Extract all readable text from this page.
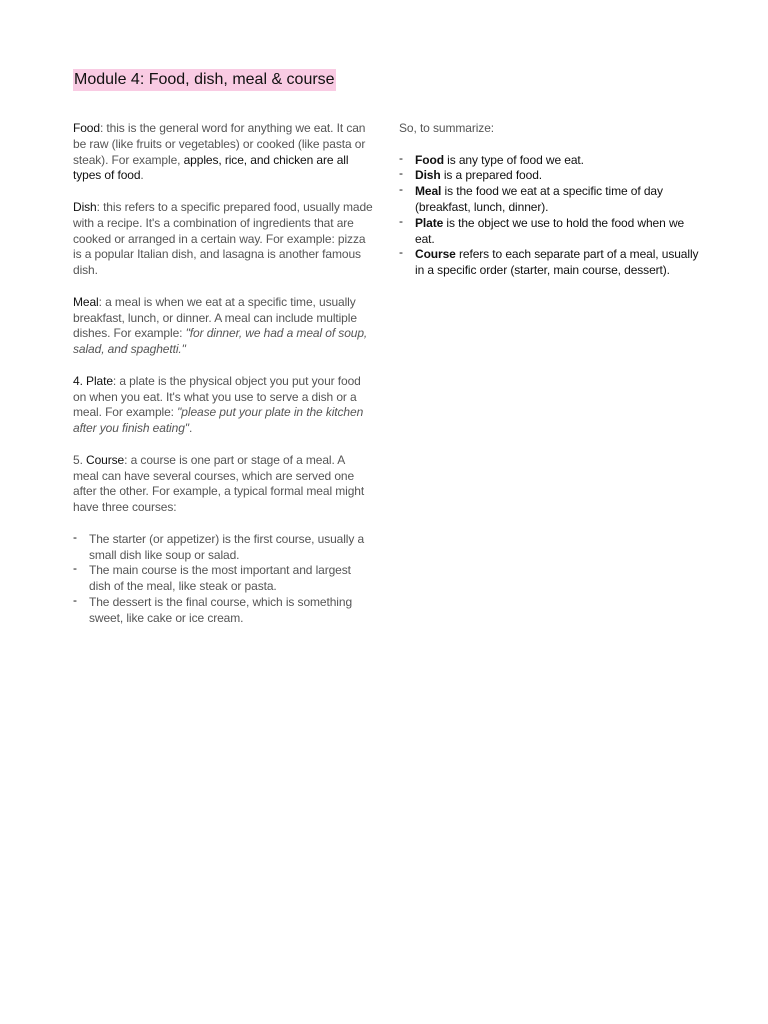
Module 4: Food, dish, meal & course

Food: this is the general word for anything we eat. It can be raw (like fruits or vegetables) or cooked (like pasta or steak). For example, apples, rice, and chicken are all types of food.

Dish: this refers to a specific prepared food, usually made with a recipe. It's a combination of ingredients that are cooked or arranged in a certain way. For example: pizza is a popular Italian dish, and lasagna is another famous dish.

Meal: a meal is when we eat at a specific time, usually breakfast, lunch, or dinner. A meal can include multiple dishes. For example: "for dinner, we had a meal of soup, salad, and spaghetti."

4. Plate: a plate is the physical object you put your food on when you eat. It's what you use to serve a dish or a meal. For example: "please put your plate in the kitchen after you finish eating".

5. Course: a course is one part or stage of a meal. A meal can have several courses, which are served one after the other. For example, a typical formal meal might have three courses:

- The starter (or appetizer) is the first course, usually a small dish like soup or salad.
- The main course is the most important and largest dish of the meal, like steak or pasta.
- The dessert is the final course, which is something sweet, like cake or ice cream.

So, to summarize:

- Food is any type of food we eat.
- Dish is a prepared food.
- Meal is the food we eat at a specific time of day (breakfast, lunch, dinner).
- Plate is the object we use to hold the food when we eat.
- Course refers to each separate part of a meal, usually in a specific order (starter, main course, dessert).
